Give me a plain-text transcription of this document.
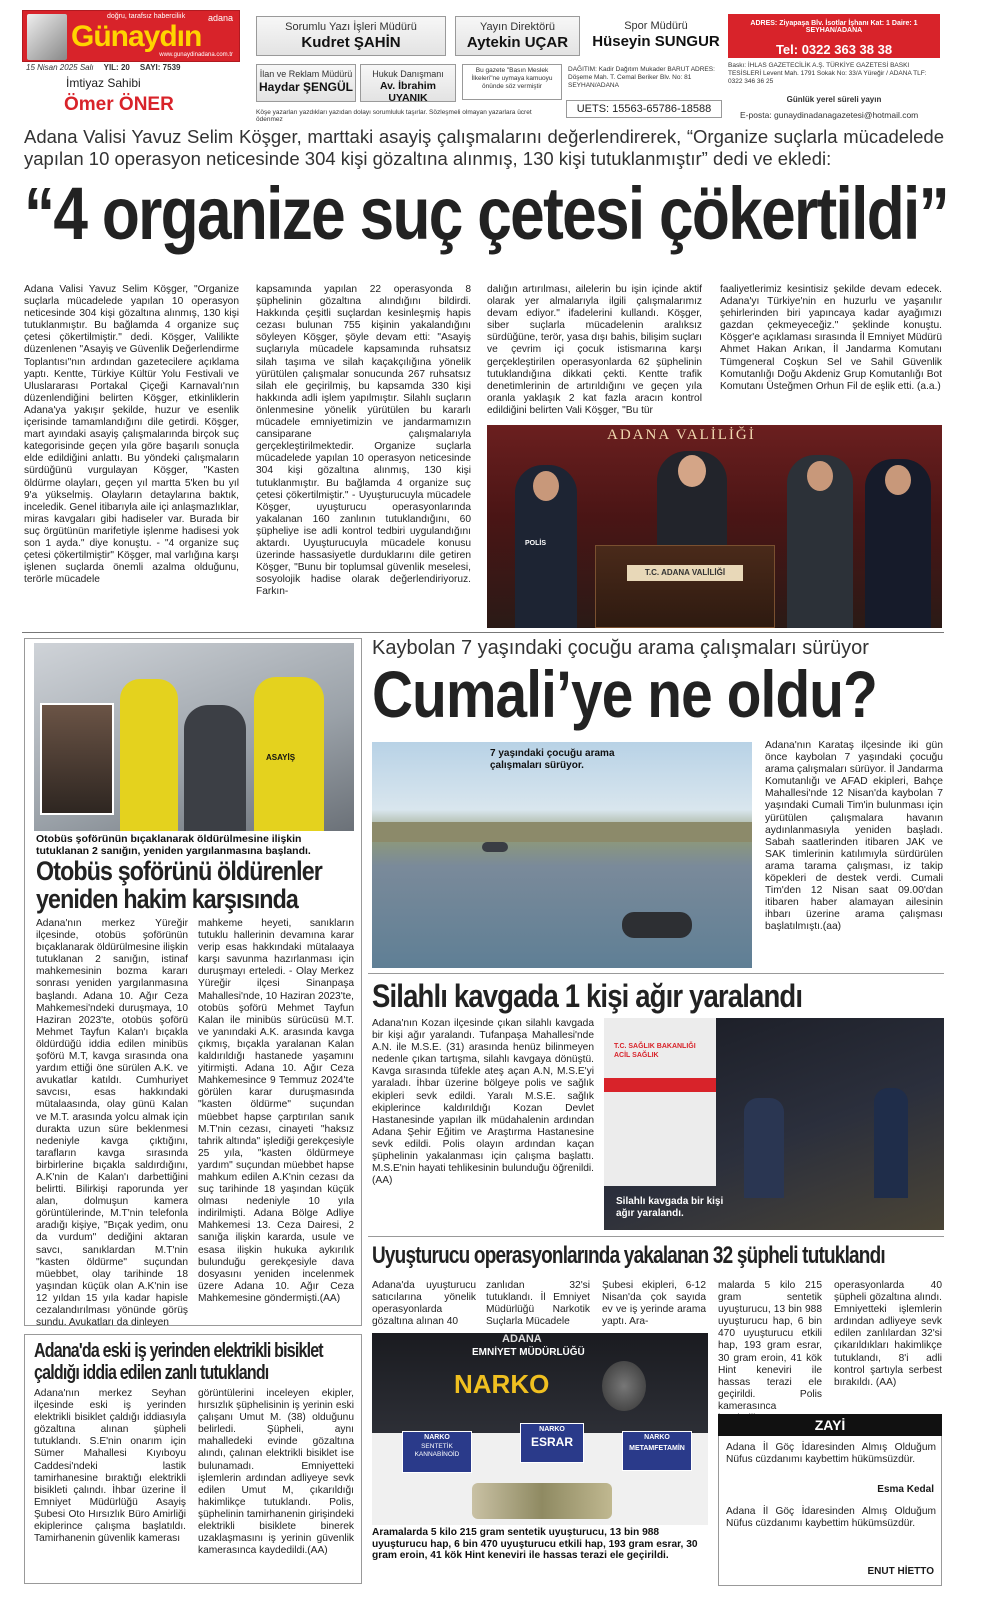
doğru, tarafsız haberciliık
Günaydın
adana
www.gunaydinadana.com.tr
15 Nisan 2025 Salı YIL: 20 SAYI: 7539
İmtiyaz Sahibi
Ömer ÖNER
Sorumlu Yazı İşleri Müdürü
Kudret ŞAHİN
Yayın Direktörü
Aytekin UÇAR
Spor Müdürü
Hüseyin SUNGUR
İlan ve Reklam Müdürü
Haydar ŞENGÜL
Hukuk Danışmanı
Av. İbrahim UYANIK
Bu gazete "Basın Meslek İlkeleri"ne uymaya kamuoyu önünde söz vermiştir
DAĞITIM: Kadir Dağıtım Mukader BARUT ADRES: Döşeme Mah. T. Cemal Beriker Blv. No: 81 SEYHAN/ADANA
UETS: 15563-65786-18588
Köşe yazarları yazdıkları yazıdan dolayı sorumluluk taşırlar. Sözleşmeli olmayan yazarlara ücret ödenmez
ADRES: Ziyapaşa Blv. İsotlar İşhanı Kat: 1 Daire: 1 SEYHAN/ADANA
Tel: 0322 363 38 38
Baskı: İHLAS GAZETECİLİK A.Ş. TÜRKİYE GAZETESİ BASKI TESİSLERİ Levent Mah. 1791 Sokak No: 33/A Yüreğir / ADANA TLF: 0322 346 36 25
Günlük yerel süreli yayın
E-posta: gunaydinadanagazetesi@hotmail.com
Adana Valisi Yavuz Selim Köşger, marttaki asayiş çalışmalarını değerlendirerek, “Organize suçlarla mücadelede yapılan 10 operasyon neticesinde 304 kişi gözaltına alınmış, 130 kişi tutuklanmıştır” dedi ve ekledi:
“4 organize suç çetesi çökertildi”
Adana Valisi Yavuz Selim Köşger, "Organize suçlarla mücadelede yapılan 10 operasyon neticesinde 304 kişi gözaltına alınmış, 130 kişi tutuklanmıştır. Bu bağlamda 4 organize suç çetesi çökertilmiştir." dedi. Köşger, Valilikte düzenlenen "Asayiş ve Güvenlik Değerlendirme Toplantısı"nın ardından gazetecilere açıklama yaptı. Kentte, Türkiye Kültür Yolu Festivali ve Uluslararası Portakal Çiçeği Karnavalı'nın düzenlendiğini belirten Köşger, etkinliklerin Adana'ya yakışır şekilde, huzur ve esenlik içerisinde tamamlandığını dile getirdi. Köşger, mart ayındaki asayiş çalışmalarında birçok suç kategorisinde geçen yıla göre başarılı sonuçla elde edildiğini anlattı. Bu yöndeki çalışmaların sürdüğünü vurgulayan Köşger, "Kasten öldürme olayları, geçen yıl martta 5'ken bu yıl 9'a yükselmiş. Olayların detaylarına baktık, inceledik. Genel itibarıyla aile içi anlaşmazlıklar, miras kavgaları gibi hadiseler var. Burada bir suç örgütünün marifetiyle işlenme hadisesi yok son 1 ayda." diye konuştu. - "4 organize suç çetesi çökertilmiştir" Köşger, mal varlığına karşı işlenen suçlarda önemli azalma olduğunu, terörle mücadele
kapsamında yapılan 22 operasyonda 8 şüphelinin gözaltına alındığını bildirdi. Hakkında çeşitli suçlardan kesinleşmiş hapis cezası bulunan 755 kişinin yakalandığını söyleyen Köşger, şöyle devam etti: "Asayiş suçlarıyla mücadele kapsamında ruhsatsız silah taşıma ve silah kaçakçılığına yönelik yürütülen çalışmalar sonucunda 267 ruhsatsız silah ele geçirilmiş, bu kapsamda 330 kişi hakkında adli işlem yapılmıştır. Silahlı suçların önlenmesine yönelik yürütülen bu kararlı mücadele emniyetimizin ve jandarmamızın cansiparane çalışmalarıyla gerçekleştirilmektedir. Organize suçlarla mücadelede yapılan 10 operasyon neticesinde 304 kişi gözaltına alınmış, 130 kişi tutuklanmıştır. Bu bağlamda 4 organize suç çetesi çökertilmiştir." - Uyuşturucuyla mücadele Köşger, uyuşturucu operasyonlarında yakalanan 160 zanlının tutuklandığını, 60 şüpheliye ise adli kontrol tedbiri uygulandığını aktardı. Uyuşturucuyla mücadele konusu üzerinde hassasiyetle durduklarını dile getiren Köşger, "Bunu bir toplumsal güvenlik meselesi, sosyolojik hadise olarak değerlendiriyoruz. Farkın-
dalığın artırılması, ailelerin bu işin içinde aktif olarak yer almalarıyla ilgili çalışmalarımız devam ediyor." ifadelerini kullandı. Köşger, siber suçlarla mücadelenin aralıksız sürdüğüne, terör, yasa dışı bahis, bilişim suçları ve çevrim içi çocuk istismarına karşı gerçekleştirilen operasyonlarda 62 şüphelinin tutuklandığına dikkati çekti. Kentte trafik denetimlerinin de artırıldığını ve geçen yıla oranla yaklaşık 2 kat fazla aracın kontrol edildiğini belirten Vali Köşger, "Bu tür
faaliyetlerimiz kesintisiz şekilde devam edecek. Adana'yı Türkiye'nin en huzurlu ve yaşanılır şehirlerinden biri yapıncaya kadar ayağımızı gazdan çekmeyeceğiz." şeklinde konuştu. Köşger'e açıklaması sırasında İl Emniyet Müdürü Ahmet Hakan Arıkan, İl Jandarma Komutanı Tümgeneral Coşkun Sel ve Sahil Güvenlik Komutanlığı Doğu Akdeniz Grup Komutanlığı Bot Komutanı Üsteğmen Orhun Fil de eşlik etti. (a.a.)
ADANA VALİLİĞİ
POLİS
T.C. ADANA VALİLİĞİ
ASAYİŞ
Otobüs şoförünün bıçaklanarak öldürülmesine ilişkin tutuklanan 2 sanığın, yeniden yargılanmasına başlandı.
Otobüs şoförünü öldürenler
yeniden hakim karşısında
Adana'nın merkez Yüreğir ilçesinde, otobüs şoförünün bıçaklanarak öldürülmesine ilişkin tutuklanan 2 sanığın, istinaf mahkemesinin bozma kararı sonrası yeniden yargılanmasına başlandı. Adana 10. Ağır Ceza Mahkemesi'ndeki duruşmaya, 10 Haziran 2023'te, otobüs şoförü Mehmet Tayfun Kalan'ı bıçakla öldürdüğü iddia edilen minibüs şoförü M.T, kavga sırasında ona yardım ettiği öne sürülen A.K. ve avukatlar katıldı. Cumhuriyet savcısı, esas hakkındaki mütalaasında, olay günü Kalan ve M.T. arasında yolcu almak için durakta uzun süre beklenmesi nedeniyle kavga çıktığını, tarafların kavga sırasında birbirlerine bıçakla saldırdığını, A.K'nin de Kalan'ı darbettiğini belirtti. Bilirkişi raporunda yer alan, dolmuşun kamera görüntülerinde, M.T'nin telefonla aradığı kişiye, "Bıçak yedim, onu da vurdum" dediğini aktaran savcı, sanıklardan M.T'nin "kasten öldürme" suçundan müebbet, olay tarihinde 18 yaşından küçük olan A.K'nin ise 12 yıldan 15 yıla kadar hapisle cezalandırılması yönünde görüş sundu. Avukatları da dinleyen
mahkeme heyeti, sanıkların tutuklu hallerinin devamına karar verip esas hakkındaki mütalaaya karşı savunma hazırlanması için duruşmayı erteledi. - Olay Merkez Yüreğir ilçesi Sinanpaşa Mahallesi'nde, 10 Haziran 2023'te, otobüs şoförü Mehmet Tayfun Kalan ile minibüs sürücüsü M.T. ve yanındaki A.K. arasında kavga çıkmış, bıçakla yaralanan Kalan kaldırıldığı hastanede yaşamını yitirmişti. Adana 10. Ağır Ceza Mahkemesince 9 Temmuz 2024'te görülen karar duruşmasında "kasten öldürme" suçundan müebbet hapse çarptırılan sanık M.T'nin cezası, cinayeti "haksız tahrik altında" işlediği gerekçesiyle 25 yıla, "kasten öldürmeye yardım" suçundan müebbet hapse mahkum edilen A.K'nin cezası da suç tarihinde 18 yaşından küçük olması nedeniyle 10 yıla indirilmişti. Adana Bölge Adliye Mahkemesi 13. Ceza Dairesi, 2 sanığa ilişkin kararda, usule ve esasa ilişkin hukuka aykırılık bulunduğu gerekçesiyle dava dosyasını yeniden incelenmek üzere Adana 10. Ağır Ceza Mahkemesine göndermişti.(AA)
Kaybolan 7 yaşındaki çocuğu arama çalışmaları sürüyor
Cumali’ye ne oldu?
7 yaşındaki çocuğu arama çalışmaları sürüyor.
Adana'nın Karataş ilçesinde iki gün önce kaybolan 7 yaşındaki çocuğu arama çalışmaları sürüyor. İl Jandarma Komutanlığı ve AFAD ekipleri, Bahçe Mahallesi'nde 12 Nisan'da kaybolan 7 yaşındaki Cumali Tim'in bulunması için yürütülen çalışmalara havanın aydınlanmasıyla yeniden başladı. Sabah saatlerinden itibaren JAK ve SAK timlerinin katılımıyla sürdürülen arama tarama çalışması, iz takip köpekleri de destek verdi. Cumali Tim'den 12 Nisan saat 09.00'dan itibaren haber alamayan ailesinin ihbarı üzerine arama çalışması başlatılmıştı.(aa)
Silahlı kavgada 1 kişi ağır yaralandı
Adana'nın Kozan ilçesinde çıkan silahlı kavgada bir kişi ağır yaralandı. Tufanpaşa Mahallesi'nde A.N. ile M.S.E. (31) arasında henüz bilinmeyen nedenle çıkan tartışma, silahlı kavgaya dönüştü. Kavga sırasında tüfekle ateş açan A.N, M.S.E'yi yaraladı. İhbar üzerine bölgeye polis ve sağlık ekipleri sevk edildi. Yaralı M.S.E. sağlık ekiplerince kaldırıldığı Kozan Devlet Hastanesinde yapılan ilk müdahalenin ardından Adana Şehir Eğitim ve Araştırma Hastanesine sevk edildi. Polis olayın ardından kaçan şüphelinin yakalanması için çalışma başlattı. M.S.E'nin hayati tehlikesinin bulunduğu öğrenildi.(AA)
T.C. SAĞLIK BAKANLIĞI ACİL SAĞLIK
Silahlı kavgada bir kişi ağır yaralandı.
Uyuşturucu operasyonlarında yakalanan 32 şüpheli tutuklandı
Adana'da uyuşturucu satıcılarına yönelik operasyonlarda gözaltına alınan 40
zanlıdan 32'si tutuklandı. İl Emniyet Müdürlüğü Narkotik Suçlarla Mücadele
Şubesi ekipleri, 6-12 Nisan'da çok sayıda ev ve iş yerinde arama yaptı. Ara-
malarda 5 kilo 215 gram sentetik uyuşturucu, 13 bin 988 uyuşturucu hap, 6 bin 470 uyuşturucu etkili hap, 193 gram esrar, 30 gram eroin, 41 kök Hint keneviri ile hassas terazi ele geçirildi. Polis kamerasınca
operasyonlarda 40 şüpheli gözaltına alındı. Emniyetteki işlemlerin ardından adliyeye sevk edilen zanlılardan 32'si çıkarıldıkları hakimlikçe tutuklandı, 8'i adli kontrol şartıyla serbest bırakıldı. (AA)
ADANA
EMNİYET MÜDÜRLÜĞÜ
NARKO
NARKO
SENTETİK KANNABİNOİD
NARKO
ESRAR	NARKO
METAMFETAMİN
Aramalarda 5 kilo 215 gram sentetik uyuşturucu, 13 bin 988 uyuşturucu hap, 6 bin 470 uyuşturucu etkili hap, 193 gram esrar, 30 gram eroin, 41 kök Hint keneviri ile hassas terazi ele geçirildi.
Adana'da eski iş yerinden elektrikli bisiklet
çaldığı iddia edilen zanlı tutuklandı
Adana'nın merkez Seyhan ilçesinde eski iş yerinden elektrikli bisiklet çaldığı iddiasıyla gözaltına alınan şüpheli tutuklandı. S.E'nin onarım için Sümer Mahallesi Kıyıboyu Caddesi'ndeki lastik tamirhanesine bıraktığı elektrikli bisikleti çalındı. İhbar üzerine İl Emniyet Müdürlüğü Asayiş Şubesi Oto Hırsızlık Büro Amirliği ekiplerince çalışma başlatıldı. Tamirhanenin güvenlik kamerası
görüntülerini inceleyen ekipler, hırsızlık şüphelisinin iş yerinin eski çalışanı Umut M. (38) olduğunu belirledi. Şüpheli, aynı mahalledeki evinde gözaltına alındı, çalınan elektrikli bisiklet ise bulunamadı. Emniyetteki işlemlerin ardından adliyeye sevk edilen Umut M, çıkarıldığı hakimlikçe tutuklandı. Polis, şüphelinin tamirhanenin girişindeki elektrikli bisiklete binerek uzaklaşmasını iş yerinin güvenlik kamerasınca kaydedildi.(AA)
ZAYİ
Adana İl Göç İdaresinden Almış Olduğum Nüfus cüzdanımı kaybettim hükümsüzdür.
Esma Kedal
Adana İl Göç İdaresinden Almış Olduğum Nüfus cüzdanımı kaybettim hükümsüzdür.
ENUT HİETTO
